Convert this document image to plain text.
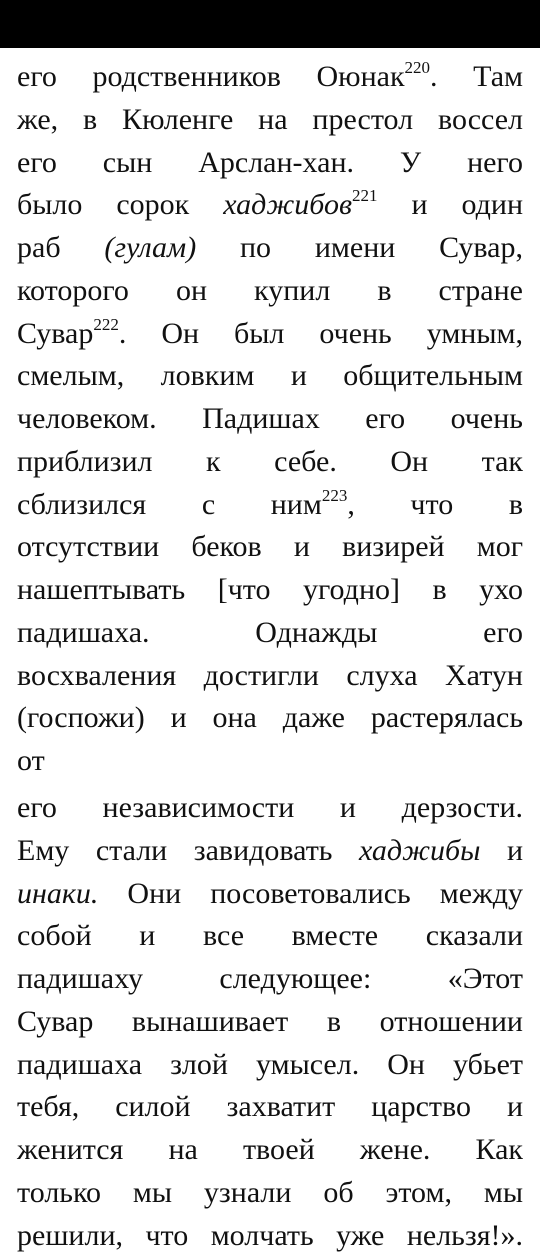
его родственников Оюнак$^{220}$. Там
же, в Кюленге на престол воссел
его сын Арслан-хан. У него
было сорок хаджибов$^{221}$ и один
раб (гулам) по имени Сувар,
которого он купил в стране
Сувар$^{222}$. Он был очень умным,
смелым, ловким и общительным
человеком. Падишах его очень
приблизил к себе. Он так
сблизился с ним$^{223}$, что в
отсутствии беков и визирей мог
нашептывать [что угодно] в ухо
падишаха. Однажды его
восхваления достигли слуха Хатун
(госпожи) и она даже растерялась
от
его независимости и дерзости.
Ему стали завидовать хаджибы и
инаки. Они посоветовались между
собой и все вместе сказали
падишаху следующее: «Этот
Сувар вынашивает в отношении
падишаха злой умысел. Он убьет
тебя, силой захватит царство и
женится на твоей жене. Как
только мы узнали об этом, мы
решили, что молчать уже нельзя!».
